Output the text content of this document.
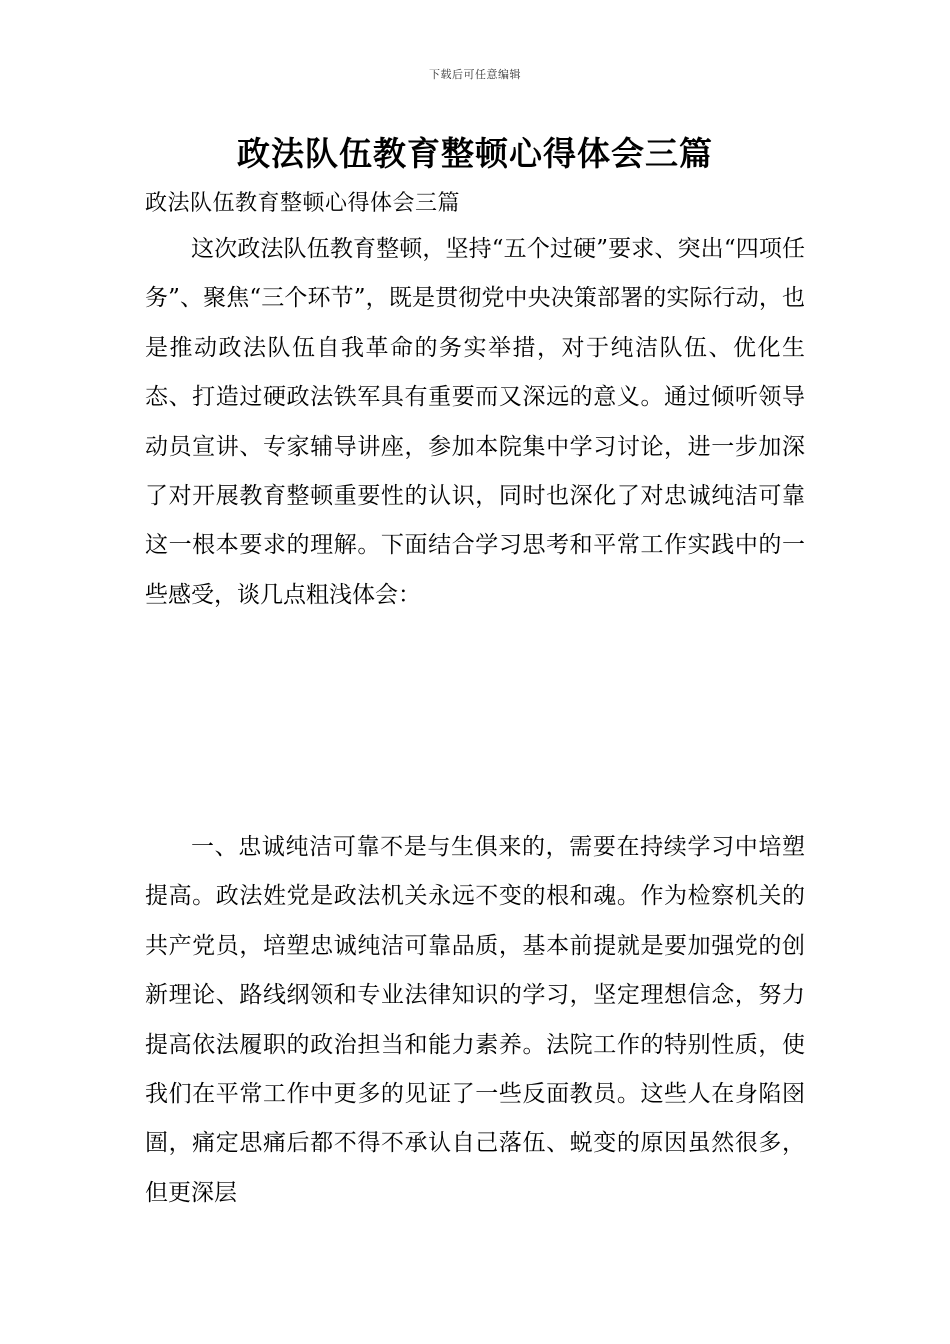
下载后可任意编辑
政法队伍教育整顿心得体会三篇
政法队伍教育整顿心得体会三篇

这次政法队伍教育整顿，坚持“五个过硬”要求、突出“四项任务”、聚焦“三个环节”，既是贯彻党中央决策部署的实际行动，也是推动政法队伍自我革命的务实举措，对于纯洁队伍、优化生态、打造过硬政法铁军具有重要而又深远的意义。通过倾听领导动员宣讲、专家辅导讲座，参加本院集中学习讨论，进一步加深了对开展教育整顿重要性的认识，同时也深化了对忠诚纯洁可靠这一根本要求的理解。下面结合学习思考和平常工作实践中的一些感受，谈几点粗浅体会：

一、忠诚纯洁可靠不是与生俱来的，需要在持续学习中培塑提高。政法姓党是政法机关永远不变的根和魂。作为检察机关的共产党员，培塑忠诚纯洁可靠品质，基本前提就是要加强党的创新理论、路线纲领和专业法律知识的学习，坚定理想信念，努力提高依法履职的政治担当和能力素养。法院工作的特别性质，使我们在平常工作中更多的见证了一些反面教员。这些人在身陷囹圄，痛定思痛后都不得不承认自己落伍、蜕变的原因虽然很多，但更深层
